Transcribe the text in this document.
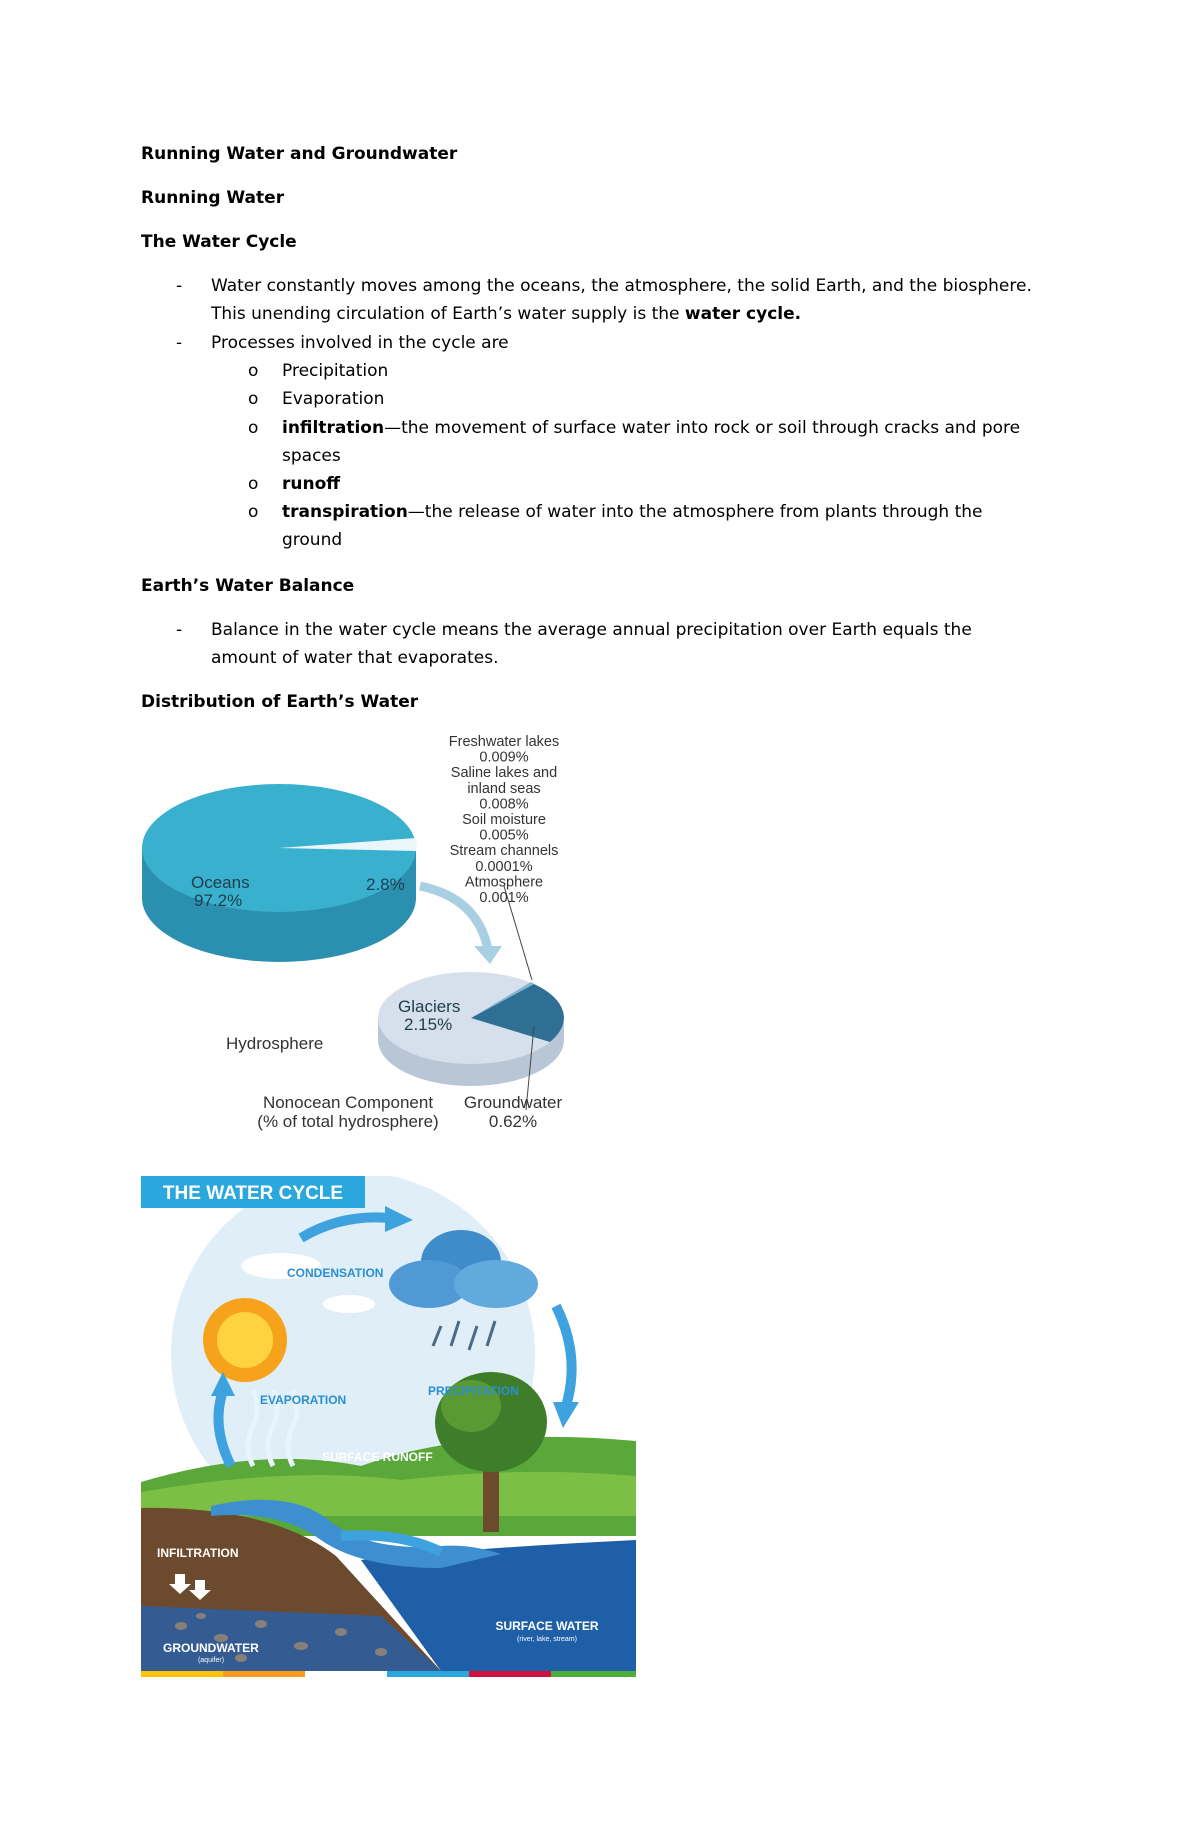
Running Water and Groundwater
Running Water
The Water Cycle
- Water constantly moves among the oceans, the atmosphere, the solid Earth, and the biosphere.
This unending circulation of Earth’s water supply is the water cycle.
- Processes involved in the cycle are
o Precipitation
o Evaporation
o infiltration—the movement of surface water into rock or soil through cracks and pore
spaces
o runoff
o transpiration—the release of water into the atmosphere from plants through the
ground
Earth’s Water Balance
- Balance in the water cycle means the average annual precipitation over Earth equals the
amount of water that evaporates.
Distribution of Earth’s Water
Oceans
97.2%
2.8%
Hydrosphere
Glaciers
2.15%
Freshwater lakes
0.009%
Saline lakes and
inland seas
0.008%
Soil moisture
0.005%
Stream channels
0.0001%
Atmosphere
0.001%
Nonocean Component
(% of total hydrosphere)
Groundwater
0.62%
THE WATER CYCLE
CONDENSATION
PRECIPITATION
EVAPORATION
SURFACE RUNOFF
INFILTRATION
GROUNDWATER
(aquifer)
SURFACE WATER
(river, lake, stream)
